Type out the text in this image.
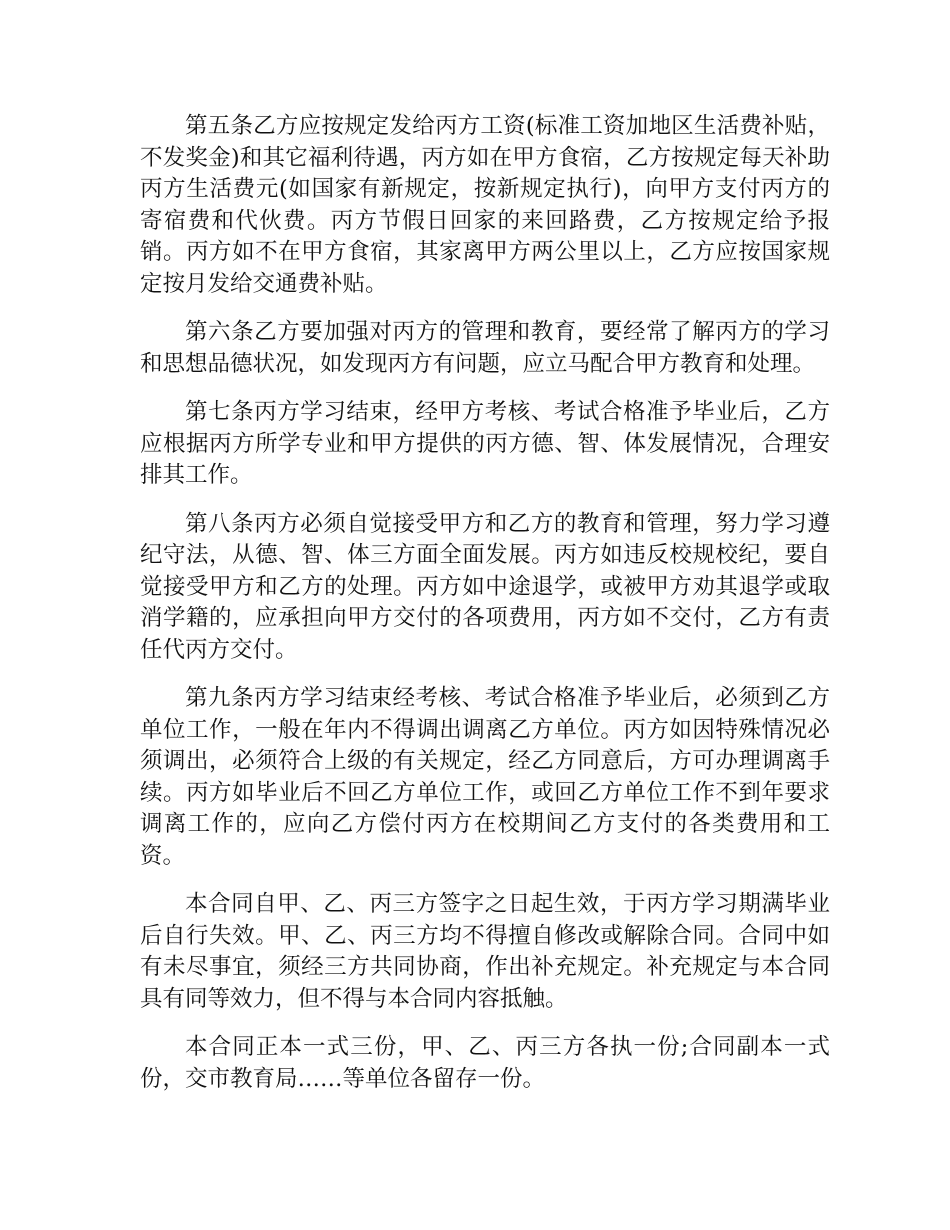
第五条乙方应按规定发给丙方工资(标准工资加地区生活费补贴，不发奖金)和其它福利待遇，丙方如在甲方食宿，乙方按规定每天补助丙方生活费元(如国家有新规定，按新规定执行)，向甲方支付丙方的寄宿费和代伙费。丙方节假日回家的来回路费，乙方按规定给予报销。丙方如不在甲方食宿，其家离甲方两公里以上，乙方应按国家规定按月发给交通费补贴。

第六条乙方要加强对丙方的管理和教育，要经常了解丙方的学习和思想品德状况，如发现丙方有问题，应立马配合甲方教育和处理。

第七条丙方学习结束，经甲方考核、考试合格准予毕业后，乙方应根据丙方所学专业和甲方提供的丙方德、智、体发展情况，合理安排其工作。

第八条丙方必须自觉接受甲方和乙方的教育和管理，努力学习遵纪守法，从德、智、体三方面全面发展。丙方如违反校规校纪，要自觉接受甲方和乙方的处理。丙方如中途退学，或被甲方劝其退学或取消学籍的，应承担向甲方交付的各项费用，丙方如不交付，乙方有责任代丙方交付。

第九条丙方学习结束经考核、考试合格准予毕业后，必须到乙方单位工作，一般在年内不得调出调离乙方单位。丙方如因特殊情况必须调出，必须符合上级的有关规定，经乙方同意后，方可办理调离手续。丙方如毕业后不回乙方单位工作，或回乙方单位工作不到年要求调离工作的，应向乙方偿付丙方在校期间乙方支付的各类费用和工资。

本合同自甲、乙、丙三方签字之日起生效，于丙方学习期满毕业后自行失效。甲、乙、丙三方均不得擅自修改或解除合同。合同中如有未尽事宜，须经三方共同协商，作出补充规定。补充规定与本合同具有同等效力，但不得与本合同内容抵触。

本合同正本一式三份，甲、乙、丙三方各执一份;合同副本一式份，交市教育局……等单位各留存一份。
